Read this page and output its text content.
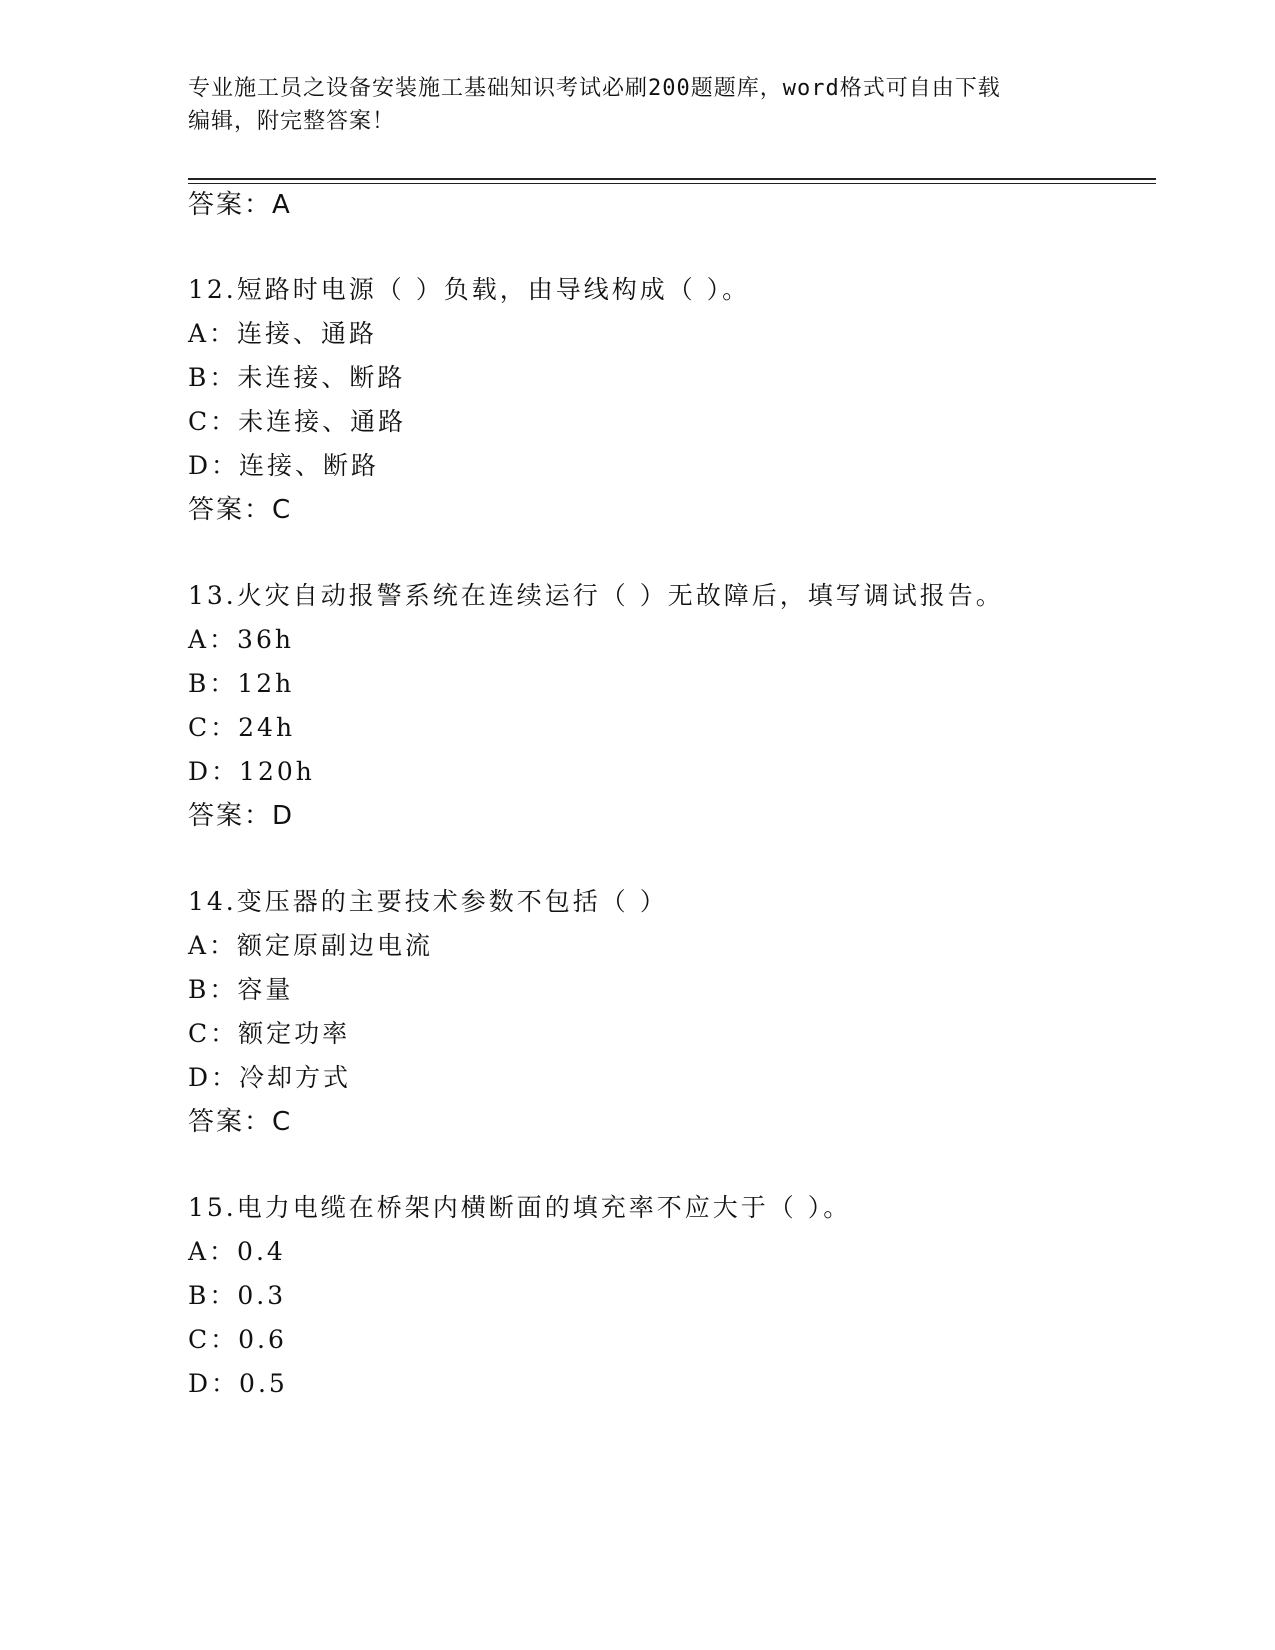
专业施工员之设备安装施工基础知识考试必刷200题题库，word格式可自由下载
编辑，附完整答案！
答案：A
12.短路时电源（ ）负载，由导线构成（ ）。
A：连接、通路
B：未连接、断路
C：未连接、通路
D：连接、断路
答案：C
13.火灾自动报警系统在连续运行（ ）无故障后，填写调试报告。
A：36h
B：12h
C：24h
D：120h
答案：D
14.变压器的主要技术参数不包括（ ）
A：额定原副边电流
B：容量
C：额定功率
D：冷却方式
答案：C
15.电力电缆在桥架内横断面的填充率不应大于（ ）。
A：0.4
B：0.3
C：0.6
D：0.5
